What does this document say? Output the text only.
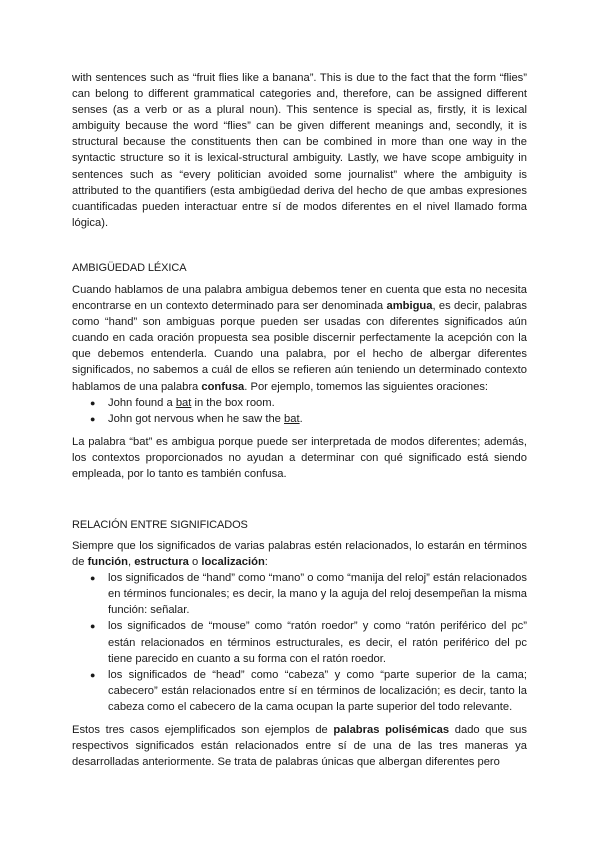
with sentences such as “fruit flies like a banana”. This is due to the fact that the form “flies” can belong to different grammatical categories and, therefore, can be assigned different senses (as a verb or as a plural noun). This sentence is special as, firstly, it is lexical ambiguity because the word “flies” can be given different meanings and, secondly, it is structural because the constituents then can be combined in more than one way in the syntactic structure so it is lexical-structural ambiguity. Lastly, we have scope ambiguity in sentences such as “every politician avoided some journalist” where the ambiguity is attributed to the quantifiers (esta ambigüedad deriva del hecho de que ambas expresiones cuantificadas pueden interactuar entre sí de modos diferentes en el nivel llamado forma lógica).

AMBIGÜEDAD LÉXICA

Cuando hablamos de una palabra ambigua debemos tener en cuenta que esta no necesita encontrarse en un contexto determinado para ser denominada ambigua, es decir, palabras como “hand” son ambiguas porque pueden ser usadas con diferentes significados aún cuando en cada oración propuesta sea posible discernir perfectamente la acepción con la que debemos entenderla. Cuando una palabra, por el hecho de albergar diferentes significados, no sabemos a cuál de ellos se refieren aún teniendo un determinado contexto hablamos de una palabra confusa. Por ejemplo, tomemos las siguientes oraciones:

● John found a bat in the box room.
● John got nervous when he saw the bat.

La palabra “bat” es ambigua porque puede ser interpretada de modos diferentes; además, los contextos proporcionados no ayudan a determinar con qué significado está siendo empleada, por lo tanto es también confusa.

RELACIÓN ENTRE SIGNIFICADOS

Siempre que los significados de varias palabras estén relacionados, lo estarán en términos de función, estructura o localización:

● los significados de “hand” como “mano” o como “manija del reloj” están relacionados en términos funcionales; es decir, la mano y la aguja del reloj desempeñan la misma función: señalar.
● los significados de “mouse” como “ratón roedor” y como “ratón periférico del pc” están relacionados en términos estructurales, es decir, el ratón periférico del pc tiene parecido en cuanto a su forma con el ratón roedor.
● los significados de “head” como “cabeza” y como “parte superior de la cama; cabecero” están relacionados entre sí en términos de localización; es decir, tanto la cabeza como el cabecero de la cama ocupan la parte superior del todo relevante.

Estos tres casos ejemplificados son ejemplos de palabras polisémicas dado que sus respectivos significados están relacionados entre sí de una de las tres maneras ya desarrolladas anteriormente. Se trata de palabras únicas que albergan diferentes pero
